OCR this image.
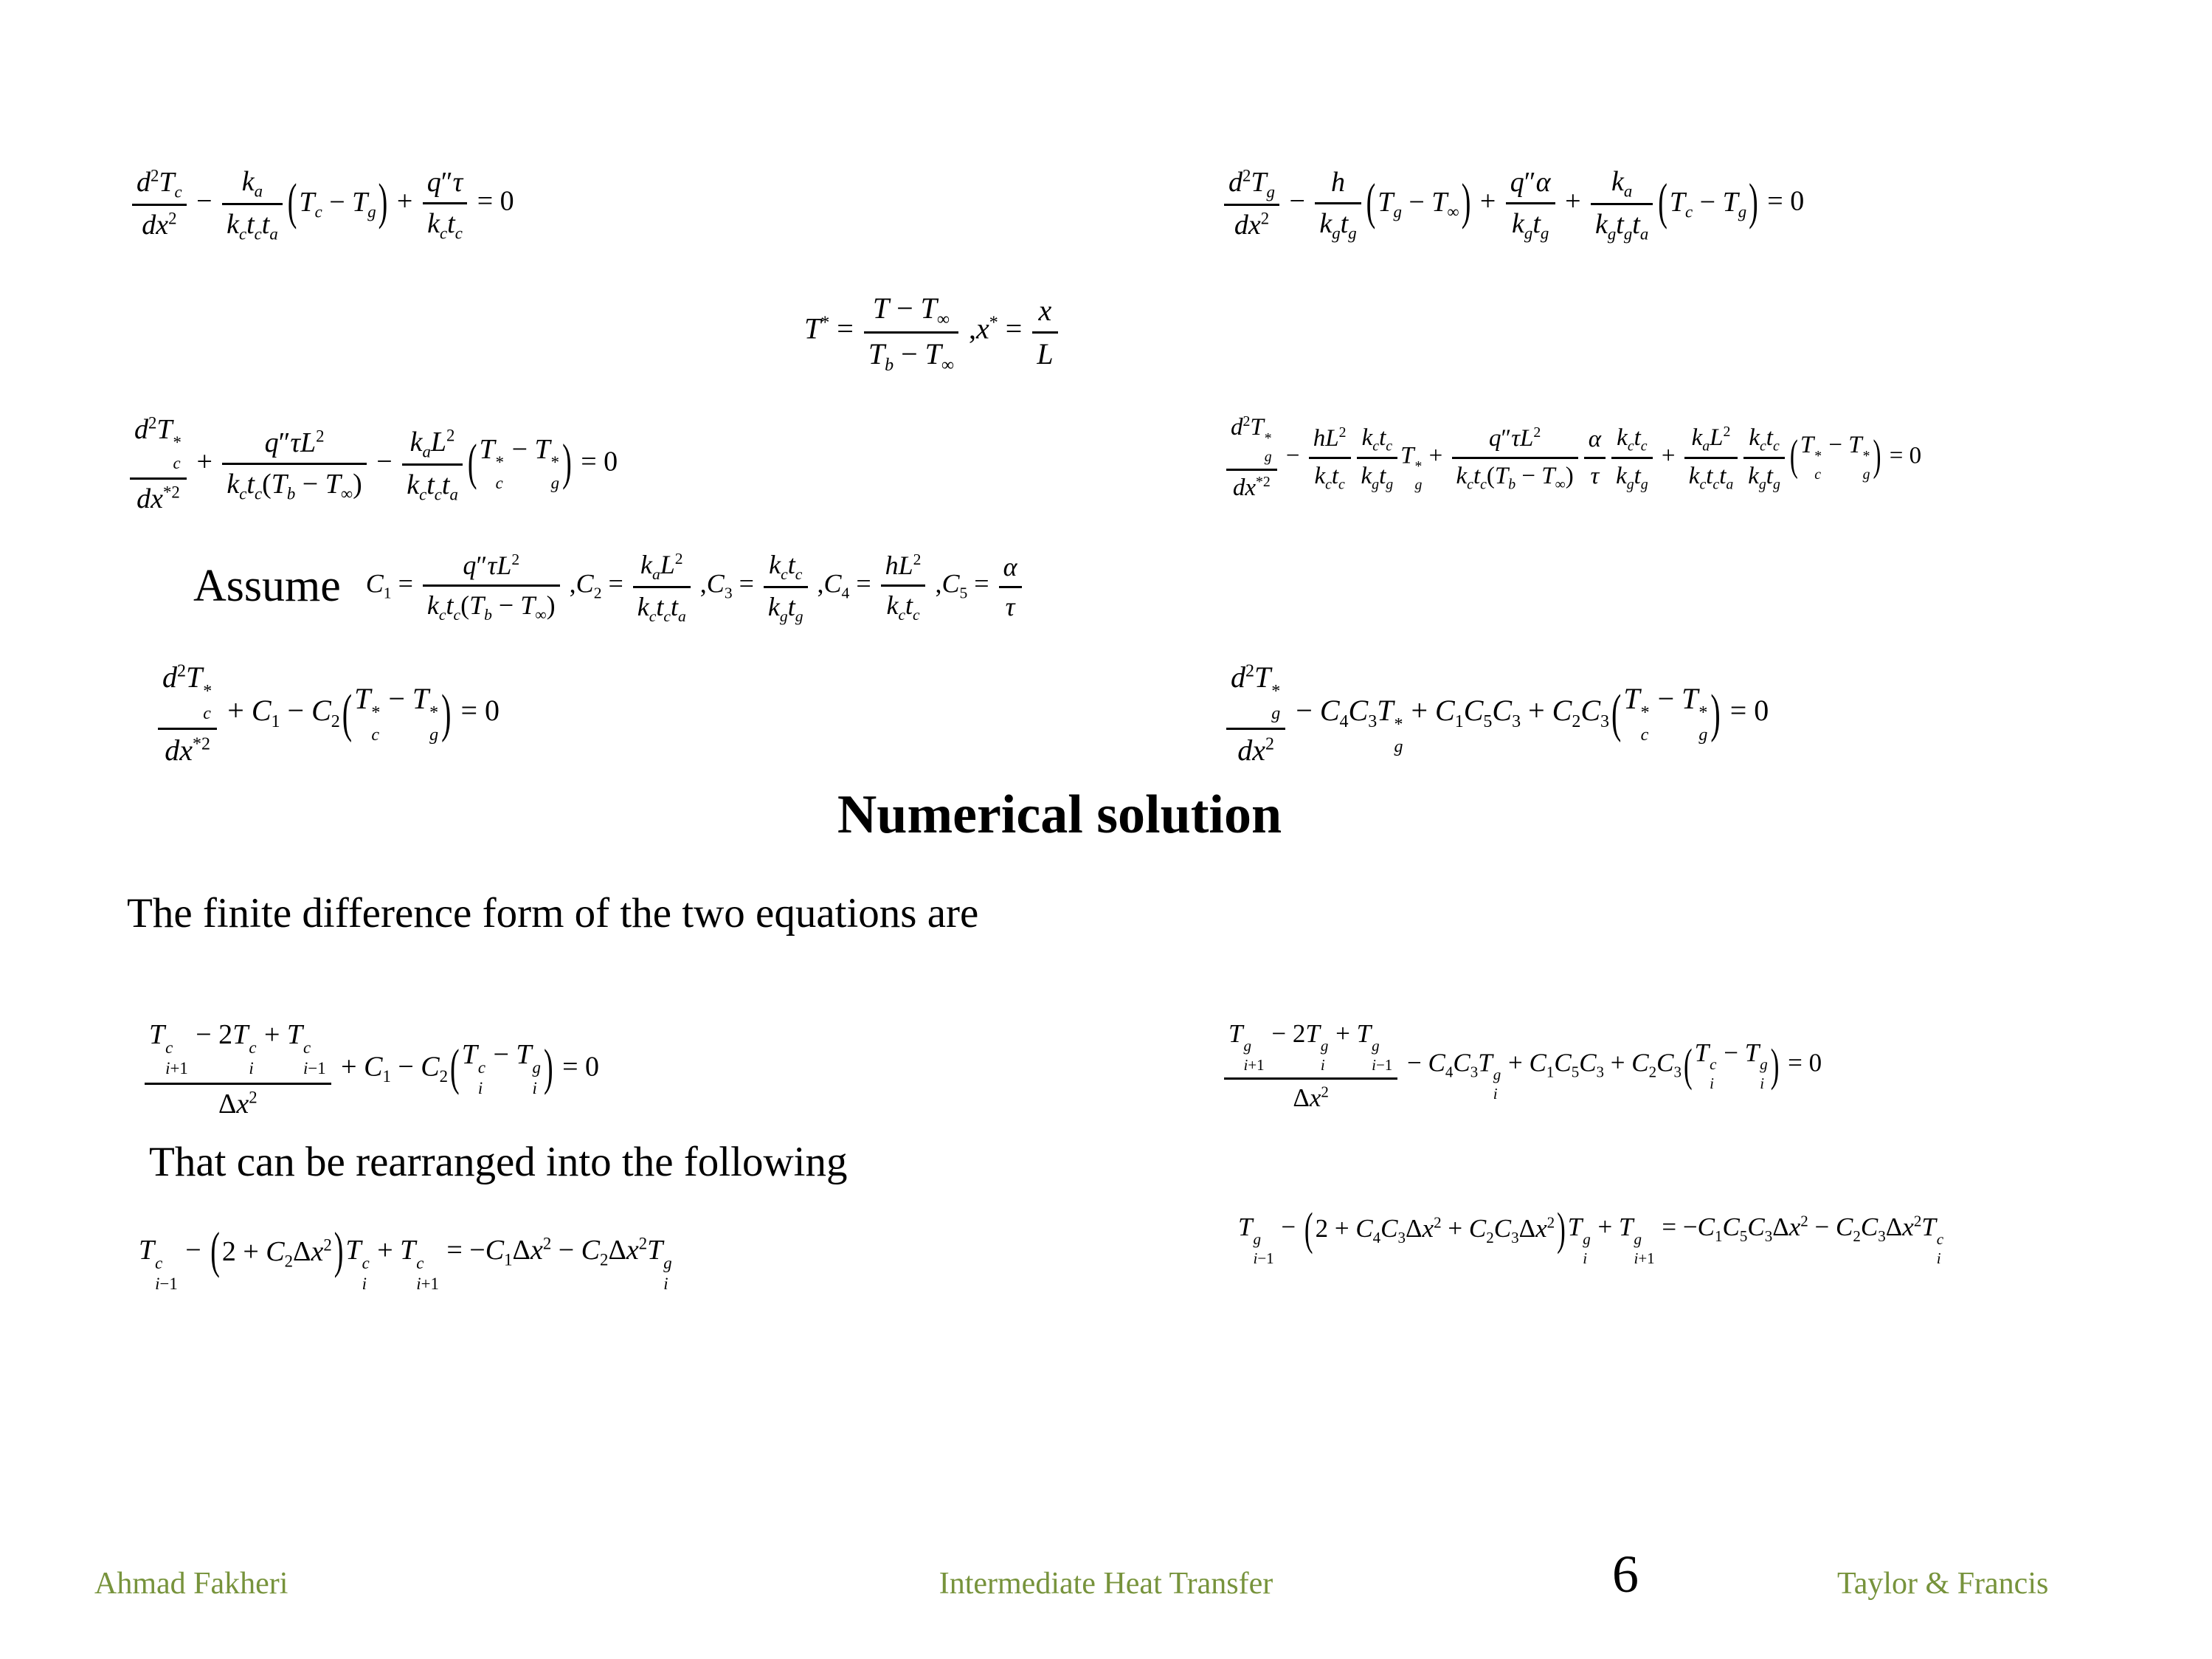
$\frac{d^2T_c}{dx^2}$ −
$k_a$
$k_ct_ct_a$
( $T_c - T_g$ ) +
q″τ
$k_ct_c$
= 0	$\frac{d^2T_g}{dx^2}$ −
h
$k_gt_g$
( $T_g - T_\infty$ ) +
q″α
$k_gt_g$
+
$k_a$
$k_gt_gt_a$
( $T_c - T_g$ ) = 0
$T^* = \frac{T - T_\infty}{T_b - T_\infty} ,x^* = \frac{x}{L}$
$d^2T$ *
c
$dx^{*2}$ +
$q''\tau L^2$
$k_ct_c(T_b - T_\infty)$
−
$k_aL^2$
$k_ct_ct_a$
( T *
c
− T *
g ) = 0	$d^2T$ *
g
$dx^{*2}$ −
$hL^2$
$k_ct_c$
$k_ct_c$
$k_gt_g$
T *
g
+
$q''\tau L^2$
$k_ct_c(T_b - T_\infty) \frac{\alpha}{\tau} k_ct_c$
$k_gt_g$
+
$k_aL^2$
$k_ct_ct_a$
$k_ct_c$
$k_gt_g$
( T *
c
− T *
g ) = 0
Assume $C_1$ =
$q''\tau L^2$
$k_ct_c(T_b - T_\infty)$
$,C_2$ =
$k_aL^2$
$k_ct_ct_a$
$,C_3$ =
$k_ct_c$
$k_gt_g$
$,C_4$ =
$hL^2$
$k_ct_c$
$,C_5 = \frac{\alpha}{\tau}$
$d^2T$ *
c
$dx^{*2} + C_1 - C_2$ ( T *
c
− T *
g ) = 0	$d^2T$ *
g
$dx^2 - C_4C_3T$ *
g
+ $C_1C_5C_3 + C_2C_3$ ( T *
c
− T *
g ) = 0
Numerical solution
The finite difference form of the two equations are
T c
i+1
− 2T c
i
+ T c
i−1
$\Delta x^2$
+ $C_1 - C_2$ ( T c
i
− T g
i ) = 0
T g
i+1
− 2T g
i
+ T g
i−1
$\Delta x^2$
− $C_4C_3T$ g
i
+ $C_1C_5C_3 + C_2C_3$ ( T c
i
− T g
i ) = 0
That can be rearranged into the following
T c
i−1
− ( $2 + C_2\Delta x^2$ ) T c
i
+ T c
i+1
= $-C_1\Delta x^2 - C_2\Delta x^2T$ g
i
T g
i−1
− ( $2 + C_4C_3\Delta x^2 + C_2C_3\Delta x^2$ ) T g
i
+ T g
i+1
= $-C_1C_5C_3\Delta x^2 - C_2C_3\Delta x^2T$ c
i
Ahmad Fakheri	Intermediate Heat Transfer	6	Taylor & Francis
